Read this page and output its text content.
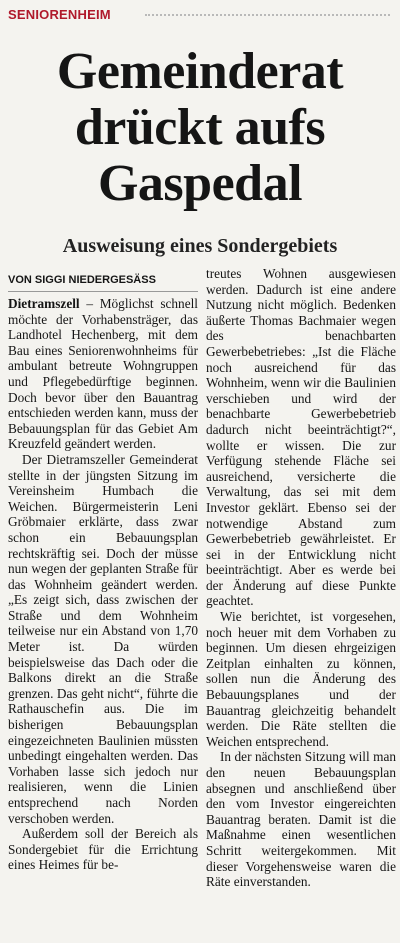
SENIORENHEIM
Gemeinderat
drückt aufs
Gaspedal
Ausweisung eines Sondergebiets
VON SIGGI NIEDERGESÄSS

Dietramszell – Möglichst schnell möchte der Vorhabensträger, das Landhotel Hechenberg, mit dem Bau eines Seniorenwohnheims für ambulant betreute Wohngruppen und Pflegebedürftige beginnen. Doch bevor über den Bauantrag entschieden werden kann, muss der Bebauungsplan für das Gebiet Am Kreuzfeld geändert werden.

Der Dietramszeller Gemeinderat stellte in der jüngsten Sitzung im Vereinsheim Humbach die Weichen. Bürgermeisterin Leni Gröbmaier erklärte, dass zwar schon ein Bebauungsplan rechtskräftig sei. Doch der müsse nun wegen der geplanten Straße für das Wohnheim geändert werden. „Es zeigt sich, dass zwischen der Straße und dem Wohnheim teilweise nur ein Abstand von 1,70 Meter ist. Da würden beispielsweise das Dach oder die Balkons direkt an die Straße grenzen. Das geht nicht“, führte die Rathauschefin aus. Die im bisherigen Bebauungsplan eingezeichneten Baulinien müssten unbedingt eingehalten werden. Das Vorhaben lasse sich jedoch nur realisieren, wenn die Linien entsprechend nach Norden verschoben werden.

Außerdem soll der Bereich als Sondergebiet für die Errichtung eines Heimes für be-

treutes Wohnen ausgewiesen werden. Dadurch ist eine andere Nutzung nicht möglich. Bedenken äußerte Thomas Bachmaier wegen des benachbarten Gewerbebetriebes: „Ist die Fläche noch ausreichend für das Wohnheim, wenn wir die Baulinien verschieben und wird der benachbarte Gewerbebetrieb dadurch nicht beeinträchtigt?“, wollte er wissen. Die zur Verfügung stehende Fläche sei ausreichend, versicherte die Verwaltung, das sei mit dem Investor geklärt. Ebenso sei der notwendige Abstand zum Gewerbebetrieb gewährleistet. Er sei in der Entwicklung nicht beeinträchtigt. Aber es werde bei der Änderung auf diese Punkte geachtet.

Wie berichtet, ist vorgesehen, noch heuer mit dem Vorhaben zu beginnen. Um diesen ehrgeizigen Zeitplan einhalten zu können, sollen nun die Änderung des Bebauungsplanes und der Bauantrag gleichzeitig behandelt werden. Die Räte stellten die Weichen entsprechend.

In der nächsten Sitzung will man den neuen Bebauungsplan absegnen und anschließend über den vom Investor eingereichten Bauantrag beraten. Damit ist die Maßnahme einen wesentlichen Schritt weitergekommen. Mit dieser Vorgehensweise waren die Räte einverstanden.
